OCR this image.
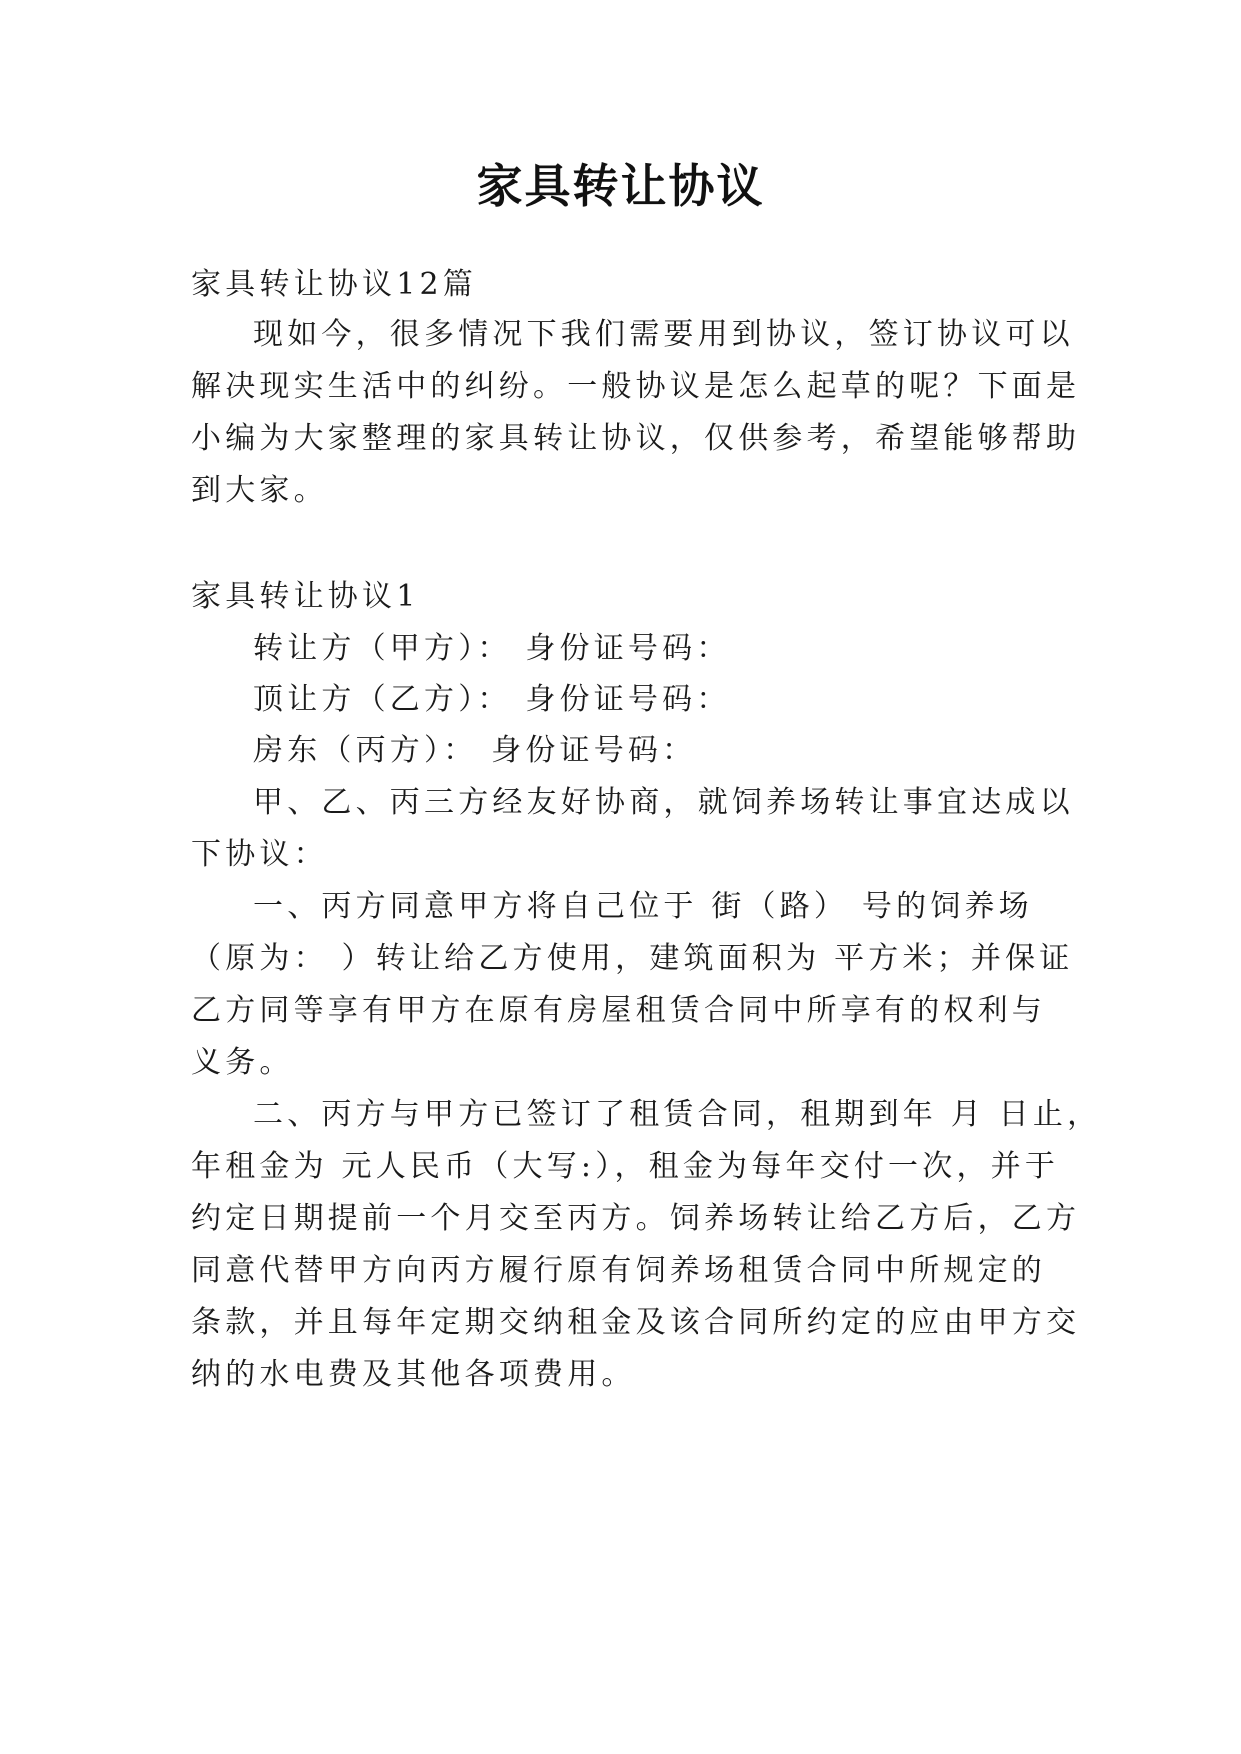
家具转让协议
家具转让协议12篇
现如今，很多情况下我们需要用到协议，签订协议可以
解决现实生活中的纠纷。一般协议是怎么起草的呢？下面是
小编为大家整理的家具转让协议，仅供参考，希望能够帮助
到大家。
家具转让协议1
转让方（甲方）： 身份证号码：
顶让方（乙方）： 身份证号码：
房东（丙方）： 身份证号码：
甲、乙、丙三方经友好协商，就饲养场转让事宜达成以
下协议：
一、丙方同意甲方将自己位于 街（路） 号的饲养场
（原为： ）转让给乙方使用，建筑面积为 平方米；并保证
乙方同等享有甲方在原有房屋租赁合同中所享有的权利与
义务。
二、丙方与甲方已签订了租赁合同，租期到年 月 日止，
年租金为 元人民币（大写:），租金为每年交付一次，并于
约定日期提前一个月交至丙方。饲养场转让给乙方后，乙方
同意代替甲方向丙方履行原有饲养场租赁合同中所规定的
条款，并且每年定期交纳租金及该合同所约定的应由甲方交
纳的水电费及其他各项费用。
